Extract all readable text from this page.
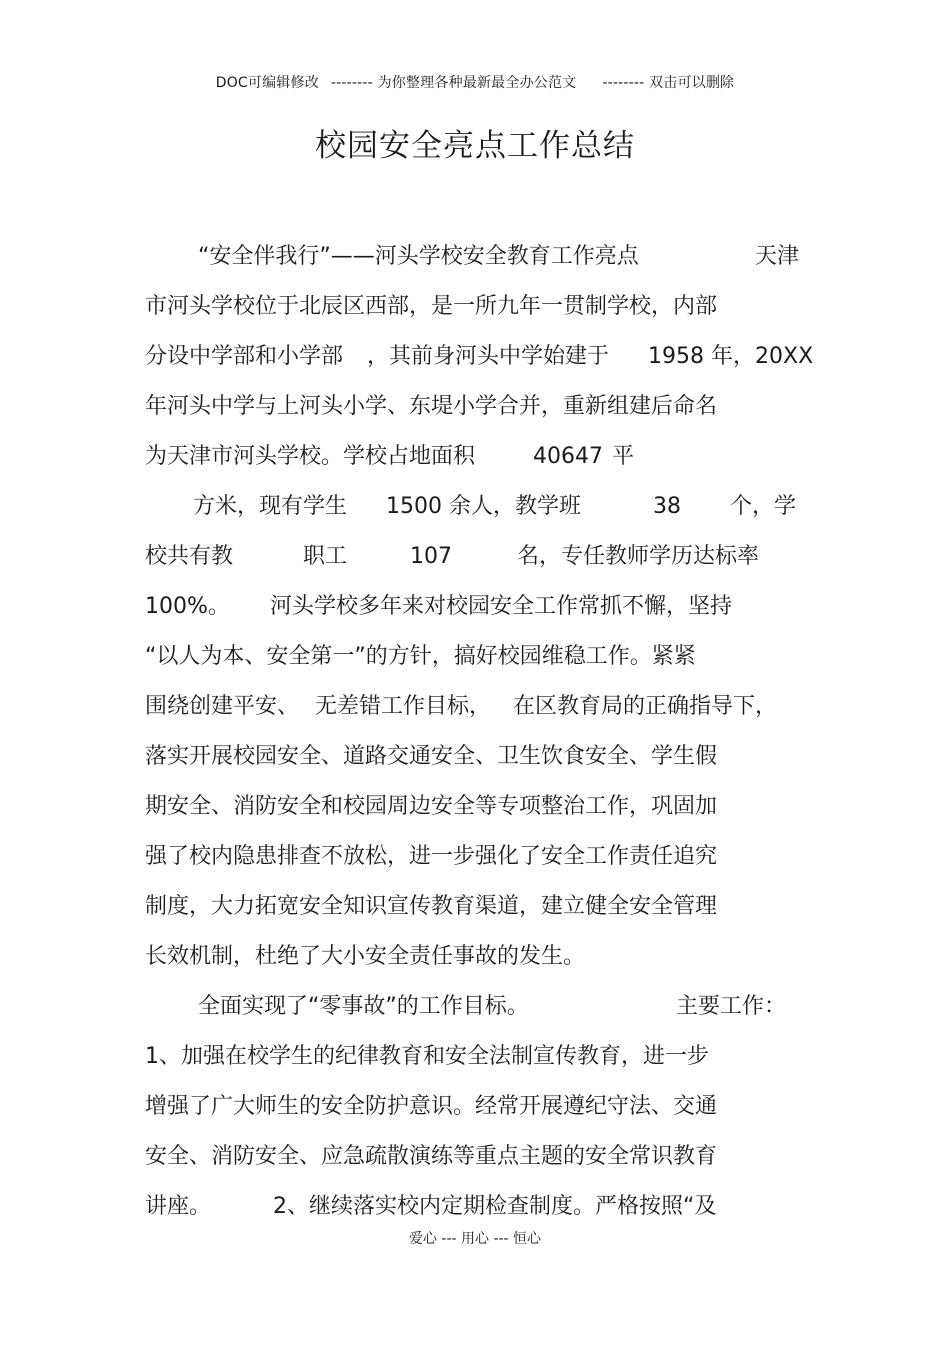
DOC可编辑修改 -------- 为你整理各种最新最全办公范文 -------- 双击可以删除
校园安全亮点工作总结
“安全伴我行”——河头学校安全教育工作亮点	天津
市河头学校位于北辰区西部，是一所九年一贯制学校，内部
分设中学部和小学部 ，其前身河头中学始建于 1958 年， 20XX
年河头中学与上河头小学、东堤小学合并，重新组建后命名
为天津市河头学校。学校占地面积	40647 平
方米，现有学生 1500 余人，教学班	38 个，学
校共有教	职工	107	名，专任教师学历达标率
100%。 河头学校多年来对校园安全工作常抓不懈，坚持
“以人为本、安全第一”的方针，搞好校园维稳工作。紧紧
围绕创建平安、 无差错工作目标， 在区教育局的正确指导下，
落实开展校园安全、道路交通安全、卫生饮食安全、学生假
期安全、消防安全和校园周边安全等专项整治工作，巩固加
强了校内隐患排查不放松，进一步强化了安全工作责任追究
制度，大力拓宽安全知识宣传教育渠道，建立健全安全管理
长效机制，杜绝了大小安全责任事故的发生。
全面实现了“零事故”的工作目标。	主要工作：
1、加强在校学生的纪律教育和安全法制宣传教育，进一步
增强了广大师生的安全防护意识。经常开展遵纪守法、交通
安全、消防安全、应急疏散演练等重点主题的安全常识教育
讲座。	2、继续落实校内定期检查制度。严格按照“及
爱心 --- 用心 --- 恒心
